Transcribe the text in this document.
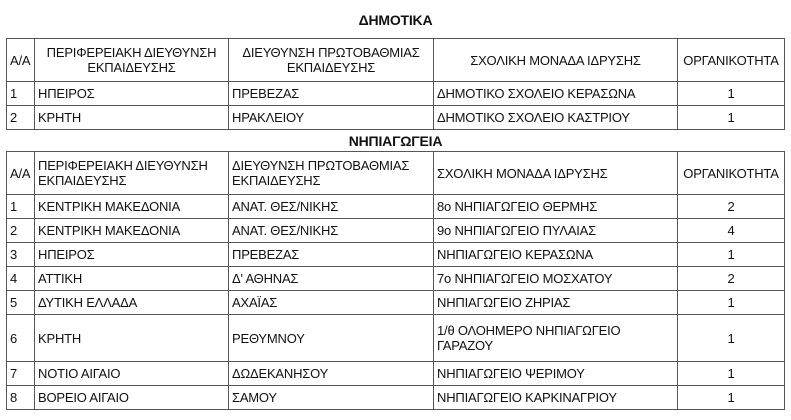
ΔΗΜΟΤΙΚΑ
Α/Α	ΠΕΡΙΦΕΡΕΙΑΚΗ ΔΙΕΥΘΥΝΣΗ ΕΚΠΑΙΔΕΥΣΗΣ	ΔΙΕΥΘΥΝΣΗ ΠΡΩΤΟΒΑΘΜΙΑΣ ΕΚΠΑΙΔΕΥΣΗΣ	ΣΧΟΛΙΚΗ ΜΟΝΑΔΑ ΙΔΡΥΣΗΣ	ΟΡΓΑΝΙΚΟΤΗΤΑ
1	ΗΠΕΙΡΟΣ	ΠΡΕΒΕΖΑΣ	ΔΗΜΟΤΙΚΟ ΣΧΟΛΕΙΟ ΚΕΡΑΣΩΝΑ	1
2	ΚΡΗΤΗ	ΗΡΑΚΛΕΙΟΥ	ΔΗΜΟΤΙΚΟ ΣΧΟΛΕΙΟ ΚΑΣΤΡΙΟΥ	1
ΝΗΠΙΑΓΩΓΕΙΑ
Α/Α	ΠΕΡΙΦΕΡΕΙΑΚΗ ΔΙΕΥΘΥΝΣΗ ΕΚΠΑΙΔΕΥΣΗΣ	ΔΙΕΥΘΥΝΣΗ ΠΡΩΤΟΒΑΘΜΙΑΣ ΕΚΠΑΙΔΕΥΣΗΣ	ΣΧΟΛΙΚΗ ΜΟΝΑΔΑ ΙΔΡΥΣΗΣ	ΟΡΓΑΝΙΚΟΤΗΤΑ
1	ΚΕΝΤΡΙΚΗ ΜΑΚΕΔΟΝΙΑ	ΑΝΑΤ. ΘΕΣ/ΝΙΚΗΣ	8ο ΝΗΠΙΑΓΩΓΕΙΟ ΘΕΡΜΗΣ	2
2	ΚΕΝΤΡΙΚΗ ΜΑΚΕΔΟΝΙΑ	ΑΝΑΤ. ΘΕΣ/ΝΙΚΗΣ	9ο ΝΗΠΙΑΓΩΓΕΙΟ ΠΥΛΑΙΑΣ	4
3	ΗΠΕΙΡΟΣ	ΠΡΕΒΕΖΑΣ	ΝΗΠΙΑΓΩΓΕΙΟ ΚΕΡΑΣΩΝΑ	1
4	ΑΤΤΙΚΗ	Δ' ΑΘΗΝΑΣ	7ο ΝΗΠΙΑΓΩΓΕΙΟ ΜΟΣΧΑΤΟΥ	2
5	ΔΥΤΙΚΗ ΕΛΛΑΔΑ	ΑΧΑΪΑΣ	ΝΗΠΙΑΓΩΓΕΙΟ ΖΗΡΙΑΣ	1
6	ΚΡΗΤΗ	ΡΕΘΥΜΝΟΥ	1/θ ΟΛΟΗΜΕΡΟ ΝΗΠΙΑΓΩΓΕΙΟ ΓΑΡΑΖΟΥ	1
7	ΝΟΤΙΟ ΑΙΓΑΙΟ	ΔΩΔΕΚΑΝΗΣΟΥ	ΝΗΠΙΑΓΩΓΕΙΟ ΨΕΡΙΜΟΥ	1
8	ΒΟΡΕΙΟ ΑΙΓΑΙΟ	ΣΑΜΟΥ	ΝΗΠΙΑΓΩΓΕΙΟ ΚΑΡΚΙΝΑΓΡΙΟΥ	1
